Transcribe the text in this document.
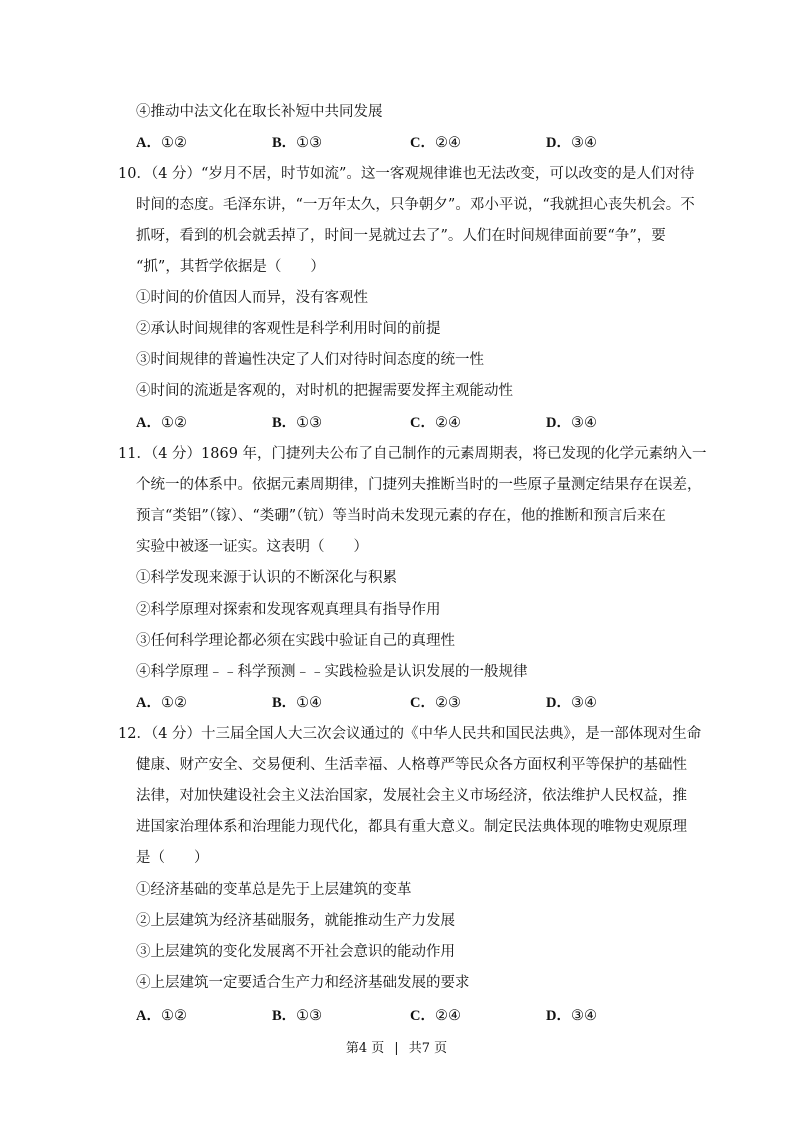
④推动中法文化在取长补短中共同发展
A．①②	B．①③	C．②④	D．③④
10．（4 分）“岁月不居，时节如流”。这一客观规律谁也无法改变，可以改变的是人们对待
时间的态度。毛泽东讲，“一万年太久，只争朝夕”。邓小平说，“我就担心丧失机会。不
抓呀，看到的机会就丢掉了，时间一晃就过去了”。人们在时间规律面前要“争”，要
“抓”，其哲学依据是（　　）
①时间的价值因人而异，没有客观性
②承认时间规律的客观性是科学利用时间的前提
③时间规律的普遍性决定了人们对待时间态度的统一性
④时间的流逝是客观的，对时机的把握需要发挥主观能动性
A．①②	B．①③	C．②④	D．③④
11．（4 分）1869 年，门捷列夫公布了自己制作的元素周期表，将已发现的化学元素纳入一
个统一的体系中。依据元素周期律，门捷列夫推断当时的一些原子量测定结果存在误差，
预言“类铝”（镓）、“类硼”（钪）等当时尚未发现元素的存在，他的推断和预言后来在
实验中被逐一证实。这表明（　　）
①科学发现来源于认识的不断深化与积累
②科学原理对探索和发现客观真理具有指导作用
③任何科学理论都必须在实践中验证自己的真理性
④科学原理﹣﹣科学预测﹣﹣实践检验是认识发展的一般规律
A．①②	B．①④	C．②③	D．③④
12．（4 分）十三届全国人大三次会议通过的《中华人民共和国民法典》，是一部体现对生命
健康、财产安全、交易便利、生活幸福、人格尊严等民众各方面权利平等保护的基础性
法律，对加快建设社会主义法治国家，发展社会主义市场经济，依法维护人民权益，推
进国家治理体系和治理能力现代化，都具有重大意义。制定民法典体现的唯物史观原理
是（　　）
①经济基础的变革总是先于上层建筑的变革
②上层建筑为经济基础服务，就能推动生产力发展
③上层建筑的变化发展离不开社会意识的能动作用
④上层建筑一定要适合生产力和经济基础发展的要求
A．①②	B．①③	C．②④	D．③④
第4 页 | 共7 页
